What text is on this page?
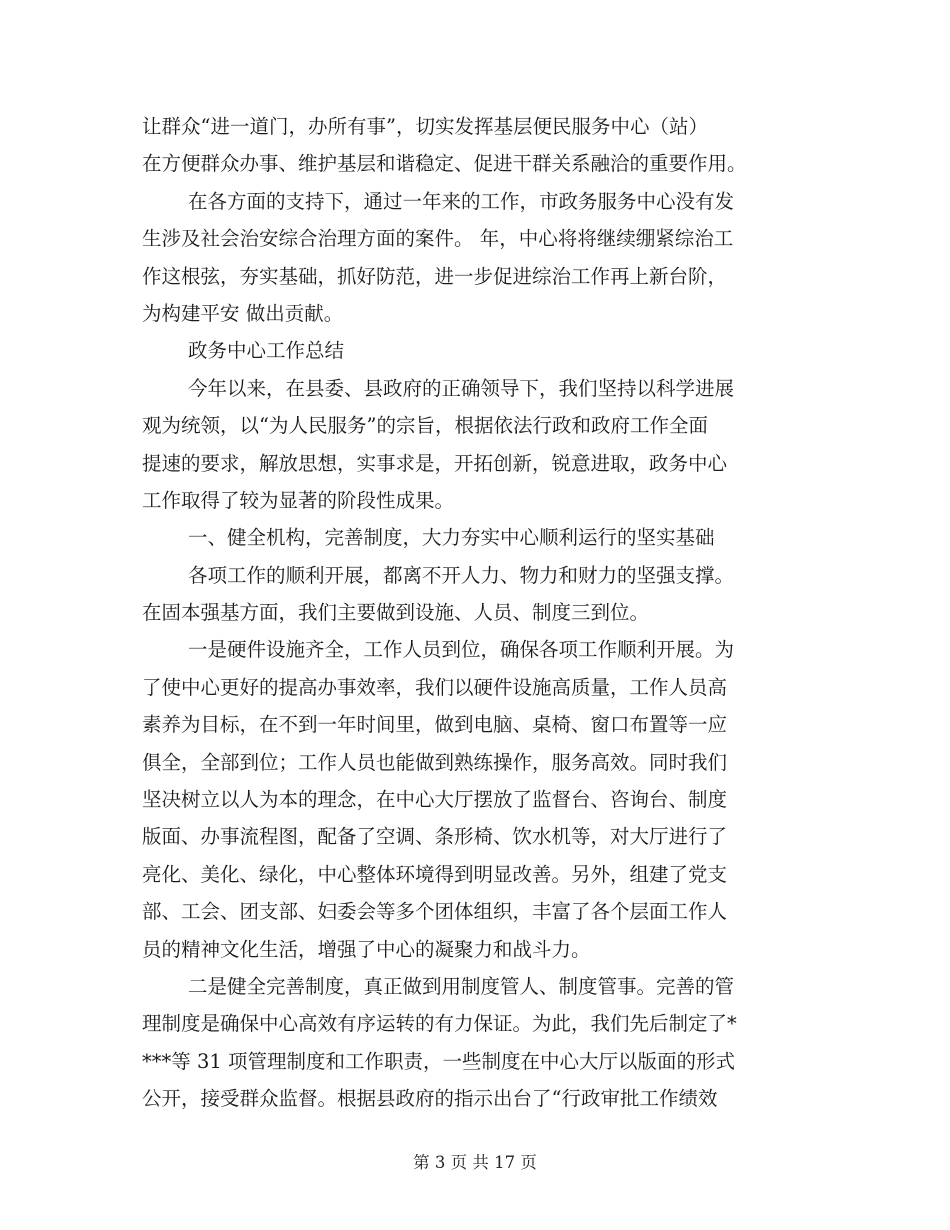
让群众“进一道门，办所有事”，切实发挥基层便民服务中心（站）
在方便群众办事、维护基层和谐稳定、促进干群关系融洽的重要作用。
在各方面的支持下，通过一年来的工作，市政务服务中心没有发
生涉及社会治安综合治理方面的案件。 年，中心将将继续绷紧综治工
作这根弦，夯实基础，抓好防范，进一步促进综治工作再上新台阶，
为构建平安 做出贡献。
政务中心工作总结
今年以来，在县委、县政府的正确领导下，我们坚持以科学进展
观为统领，以“为人民服务”的宗旨，根据依法行政和政府工作全面
提速的要求，解放思想，实事求是，开拓创新，锐意进取，政务中心
工作取得了较为显著的阶段性成果。
一、健全机构，完善制度，大力夯实中心顺利运行的坚实基础
各项工作的顺利开展，都离不开人力、物力和财力的坚强支撑。
在固本强基方面，我们主要做到设施、人员、制度三到位。
一是硬件设施齐全，工作人员到位，确保各项工作顺利开展。为
了使中心更好的提高办事效率，我们以硬件设施高质量，工作人员高
素养为目标，在不到一年时间里，做到电脑、桌椅、窗口布置等一应
俱全，全部到位；工作人员也能做到熟练操作，服务高效。同时我们
坚决树立以人为本的理念，在中心大厅摆放了监督台、咨询台、制度
版面、办事流程图，配备了空调、条形椅、饮水机等，对大厅进行了
亮化、美化、绿化，中心整体环境得到明显改善。另外，组建了党支
部、工会、团支部、妇委会等多个团体组织，丰富了各个层面工作人
员的精神文化生活，增强了中心的凝聚力和战斗力。
二是健全完善制度，真正做到用制度管人、制度管事。完善的管
理制度是确保中心高效有序运转的有力保证。为此，我们先后制定了*
***等 31 项管理制度和工作职责，一些制度在中心大厅以版面的形式
公开，接受群众监督。根据县政府的指示出台了“行政审批工作绩效
第 3 页 共 17 页
